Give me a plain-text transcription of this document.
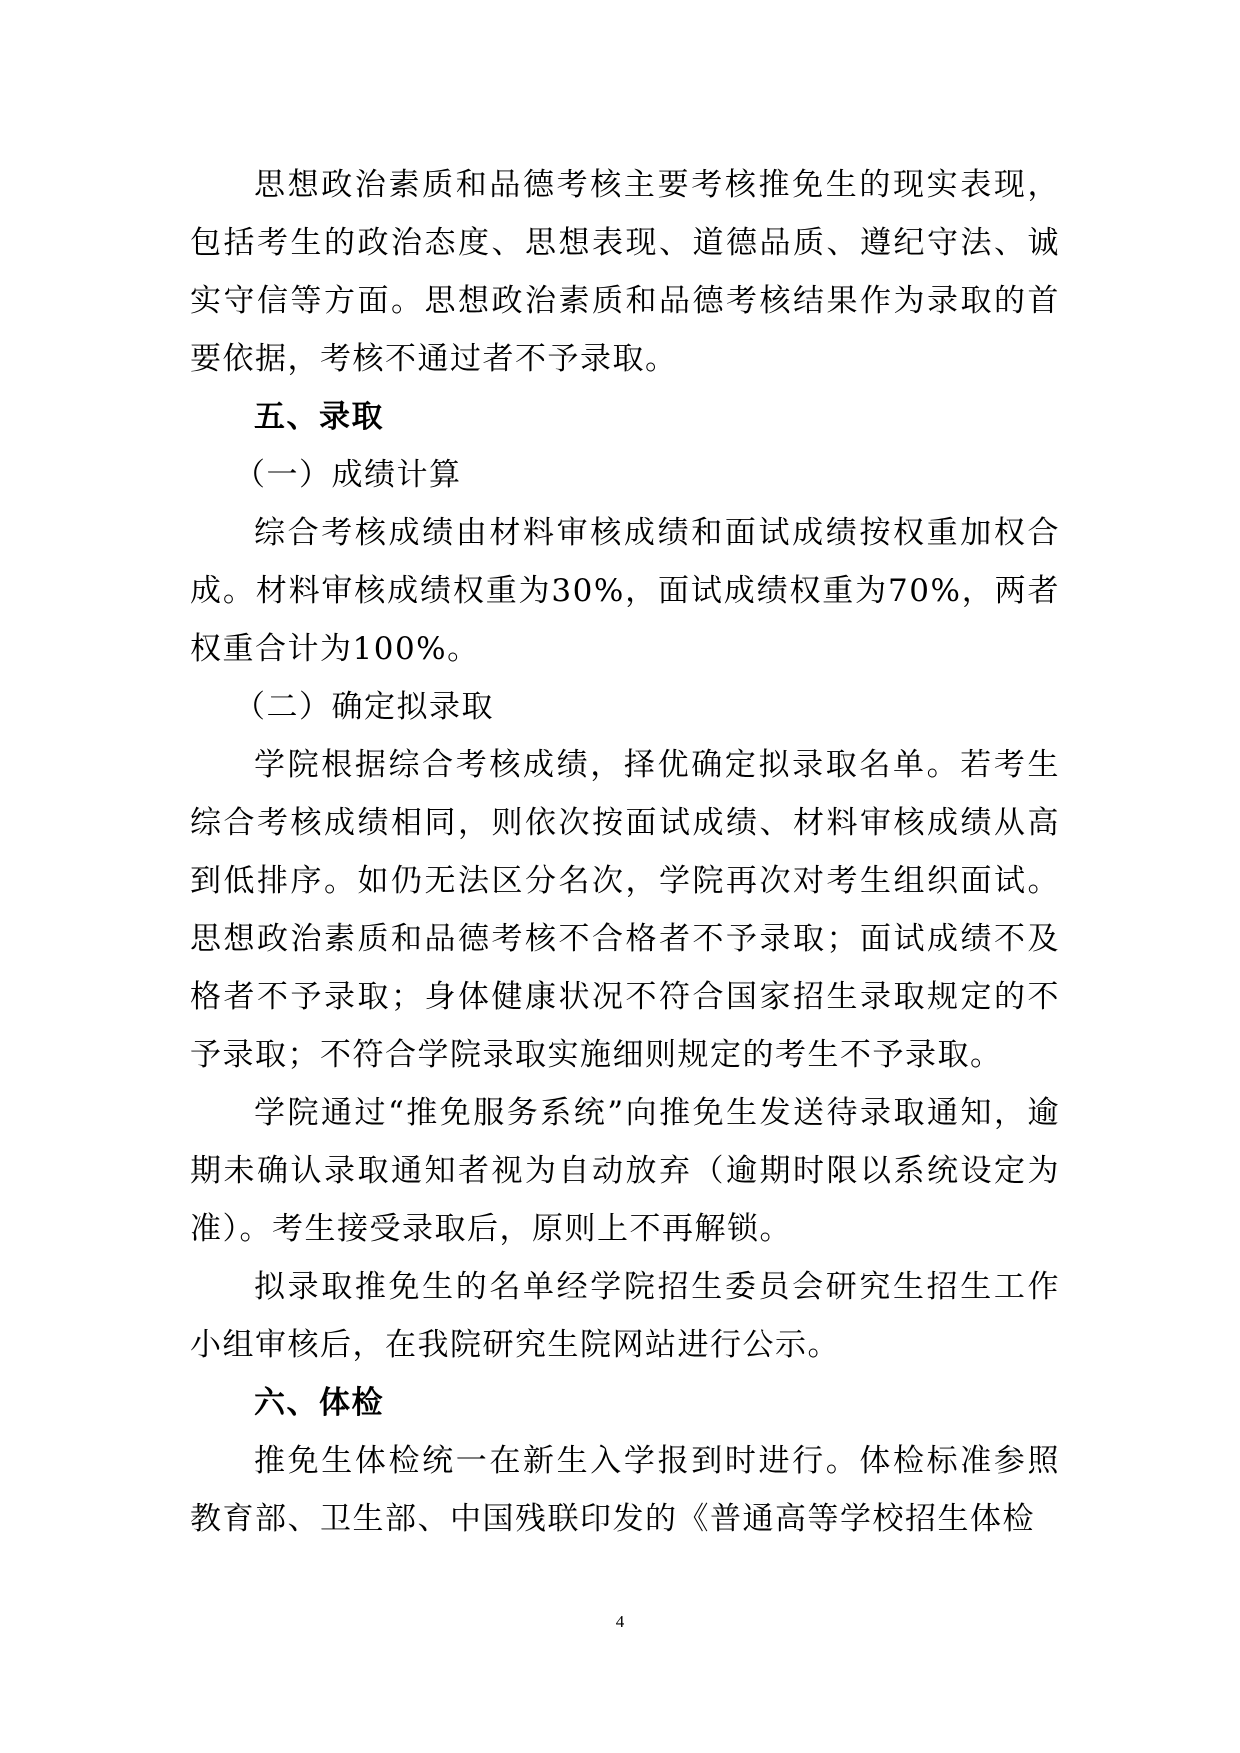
思想政治素质和品德考核主要考核推免生的现实表现，包括考生的政治态度、思想表现、道德品质、遵纪守法、诚实守信等方面。思想政治素质和品德考核结果作为录取的首要依据，考核不通过者不予录取。

五、录取

（一）成绩计算

综合考核成绩由材料审核成绩和面试成绩按权重加权合成。材料审核成绩权重为30%，面试成绩权重为70%，两者权重合计为100%。

（二）确定拟录取

学院根据综合考核成绩，择优确定拟录取名单。若考生综合考核成绩相同，则依次按面试成绩、材料审核成绩从高到低排序。如仍无法区分名次，学院再次对考生组织面试。思想政治素质和品德考核不合格者不予录取；面试成绩不及格者不予录取；身体健康状况不符合国家招生录取规定的不予录取；不符合学院录取实施细则规定的考生不予录取。

学院通过“推免服务系统”向推免生发送待录取通知，逾期未确认录取通知者视为自动放弃（逾期时限以系统设定为准）。考生接受录取后，原则上不再解锁。

拟录取推免生的名单经学院招生委员会研究生招生工作小组审核后，在我院研究生院网站进行公示。

六、体检

推免生体检统一在新生入学报到时进行。体检标准参照教育部、卫生部、中国残联印发的《普通高等学校招生体检

4
